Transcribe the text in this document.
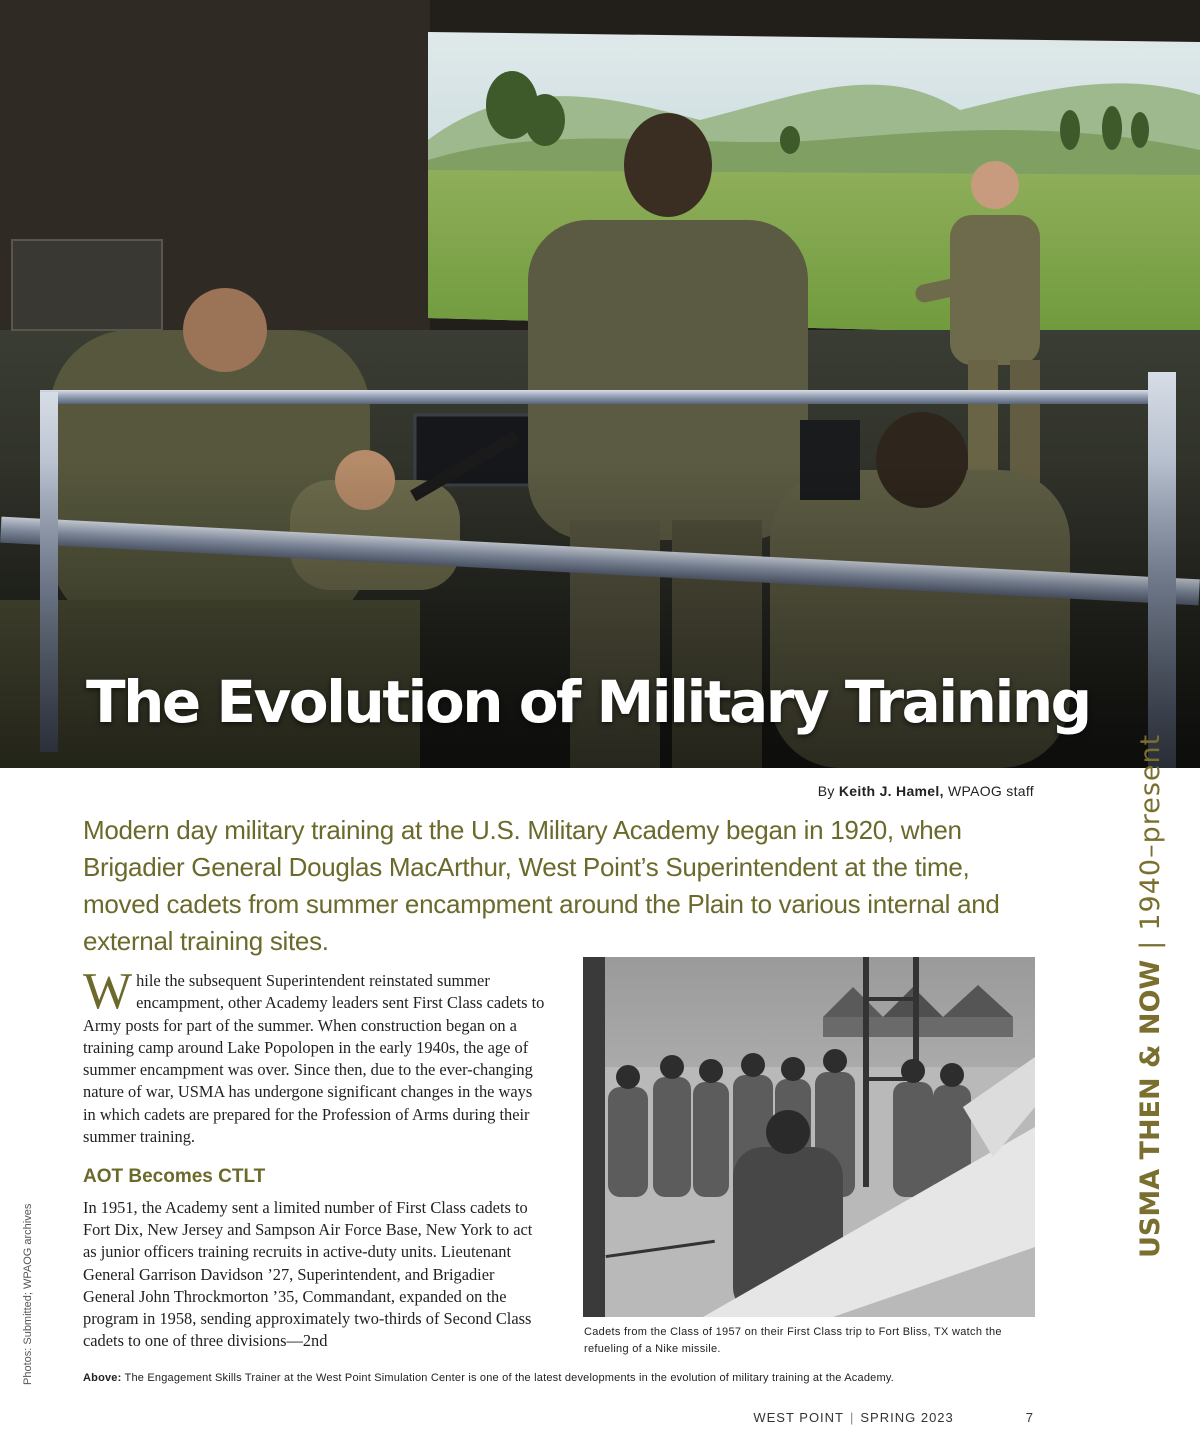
The Evolution of Military Training
By Keith J. Hamel, WPAOG staff

Modern day military training at the U.S. Military Academy began in 1920, when Brigadier General Douglas MacArthur, West Point’s Superintendent at the time, moved cadets from summer encampment around the Plain to various internal and external training sites.

While the subsequent Superintendent reinstated summer encampment, other Academy leaders sent First Class cadets to Army posts for part of the summer. When construction began on a training camp around Lake Popolopen in the early 1940s, the age of summer encampment was over. Since then, due to the ever-changing nature of war, USMA has undergone significant changes in the ways in which cadets are prepared for the Profession of Arms during their summer training.

AOT Becomes CTLT

In 1951, the Academy sent a limited number of First Class cadets to Fort Dix, New Jersey and Sampson Air Force Base, New York to act as junior officers training recruits in active-duty units. Lieutenant General Garrison Davidson ’27, Superintendent, and Brigadier General John Throckmorton ’35, Commandant, expanded on the program in 1958, sending approximately two-thirds of Second Class cadets to one of three divisions—2nd	Cadets from the Class of 1957 on their First Class trip to Fort Bliss, TX watch the refueling of a Nike missile.
Above: The Engagement Skills Trainer at the West Point Simulation Center is one of the latest developments in the evolution of military training at the Academy.
Photos: Submitted; WPAOG archives
USMA THEN & NOW|1940–present
WEST POINT | SPRING 2023	7
